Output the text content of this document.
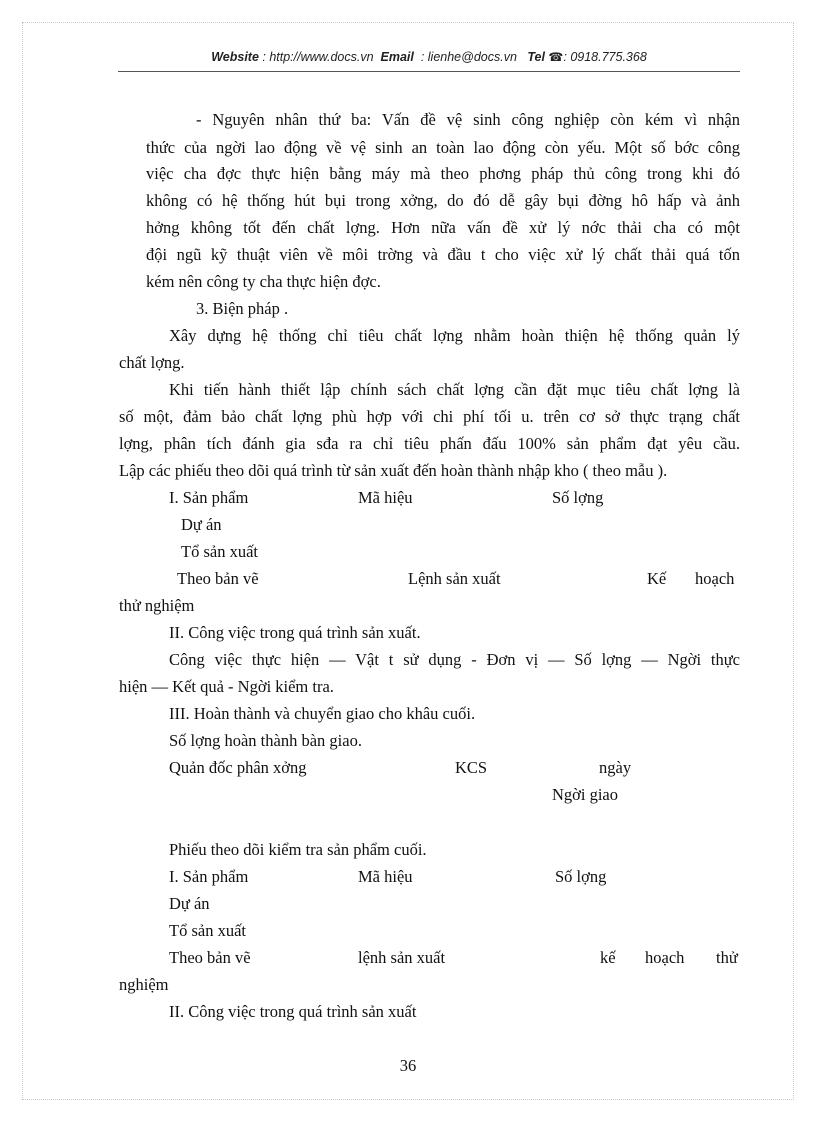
Website : http://www.docs.vn Email : lienhe@docs.vn Tel ☎: 0918.775.368
- Nguyên nhân thứ ba: Vấn đề vệ sinh công nghiệp còn kém vì nhận
thức của ngời lao động về vệ sinh an toàn lao động còn yếu. Một số bớc công
việc cha đợc thực hiện bằng máy mà theo phơng pháp thủ công trong khi đó
không có hệ thống hút bụi trong xởng, do đó dễ gây bụi đờng hô hấp và ảnh
hởng không tốt đến chất lợng. Hơn nữa vấn đề xử lý nớc thải cha có một
đội ngũ kỹ thuật viên về môi trờng và đầu t cho việc xử lý chất thải quá tốn
kém nên công ty cha thực hiện đợc.
3. Biện pháp .
Xây dựng hệ thống chỉ tiêu chất lợng nhằm hoàn thiện hệ thống quản lý
chất lợng.
Khi tiến hành thiết lập chính sách chất lợng cần đặt mục tiêu chất lợng là
số một, đảm bảo chất lợng phù hợp với chi phí tối u. trên cơ sở thực trạng chất
lợng, phân tích đánh gia sđa ra chỉ tiêu phấn đấu 100% sản phẩm đạt yêu cầu.
Lập các phiếu theo dõi quá trình từ sản xuất đến hoàn thành nhập kho ( theo mẫu ).
I. Sản phẩm	Mã hiệu	Số lợng
Dự án
Tổ sản xuất
Theo bản vẽ	Lệnh sản xuất	Kế hoạch
thử nghiệm
II. Công việc trong quá trình sản xuất.
Công việc thực hiện — Vật t sử dụng - Đơn vị — Số lợng — Ngời thực
hiện — Kết quả - Ngời kiểm tra.
III. Hoàn thành và chuyển giao cho khâu cuối.
Số lợng hoàn thành bàn giao.
Quản đốc phân xởng	KCS	ngày
Ngời giao
Phiếu theo dõi kiểm tra sản phẩm cuối.
I. Sản phẩm	Mã hiệu	Số lợng
Dự án
Tổ sản xuất
Theo bản vẽ	lệnh sản xuất	kế hoạch thử
nghiệm
II. Công việc trong quá trình sản xuất
36
